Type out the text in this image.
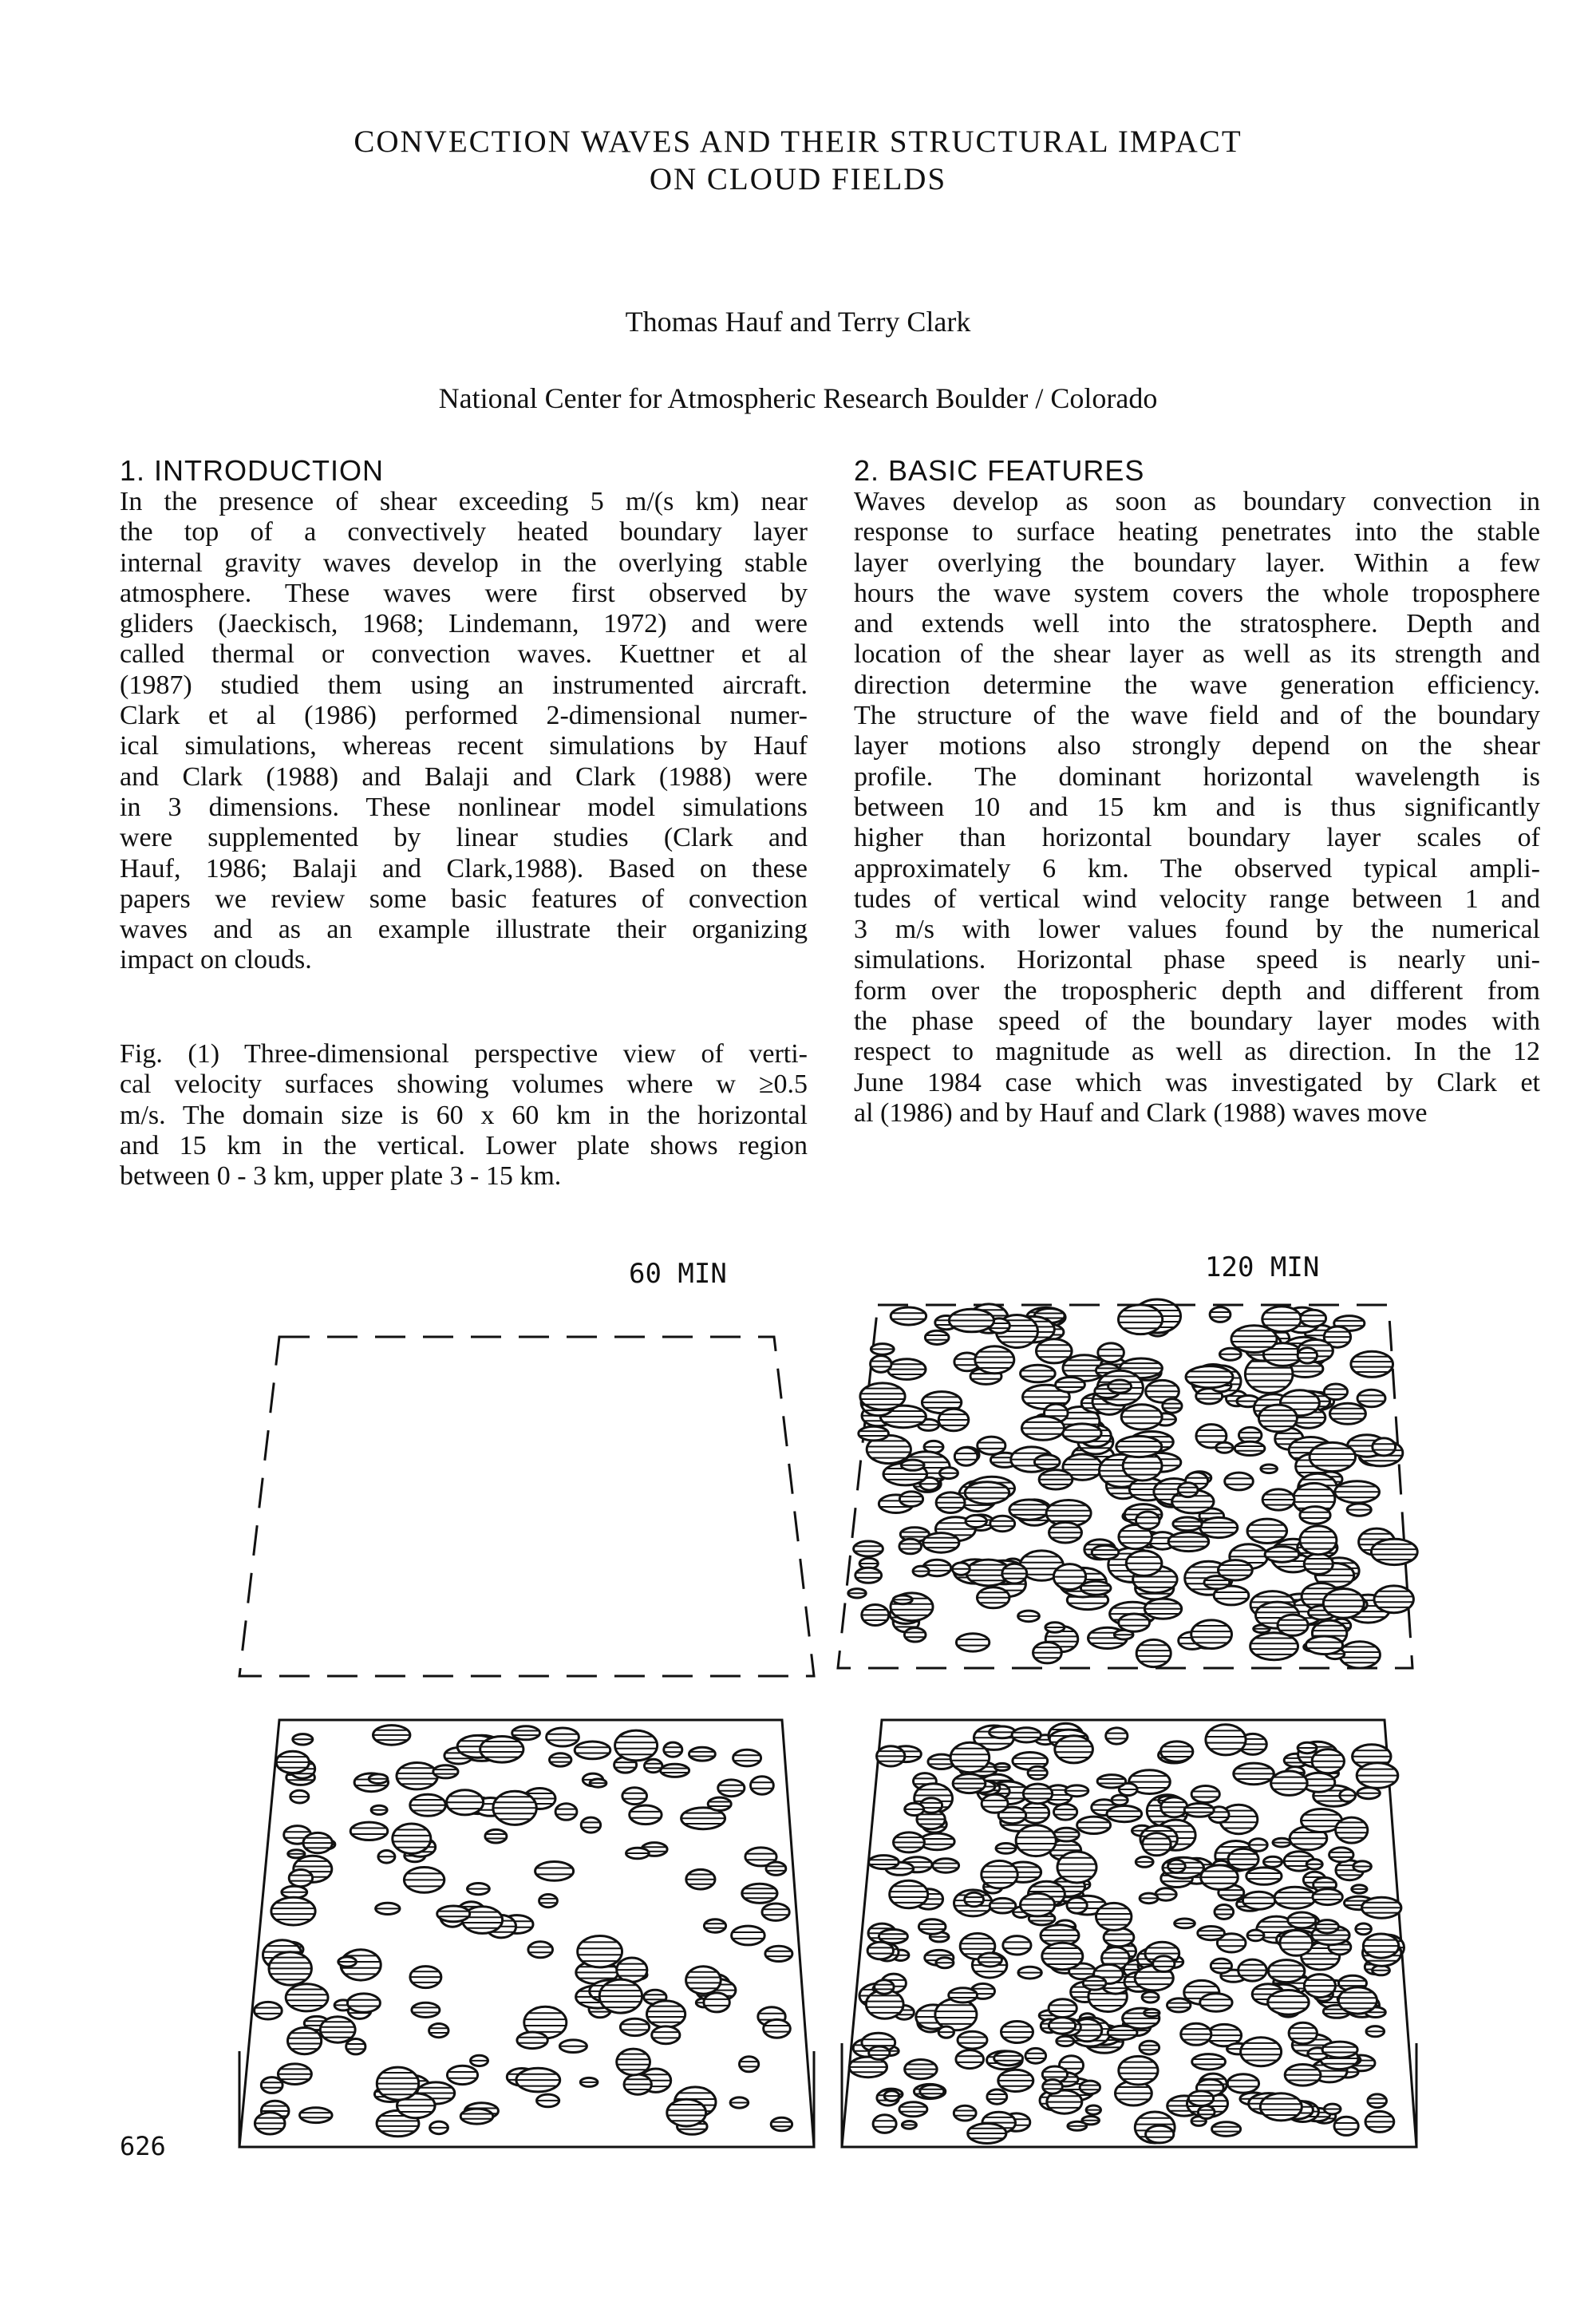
CONVECTION WAVES AND THEIR STRUCTURAL IMPACT
ON CLOUD FIELDS
Thomas Hauf and Terry Clark
National Center for Atmospheric Research Boulder / Colorado
1. INTRODUCTION
In the presence of shear exceeding 5 m/(s km) near
the top of a convectively heated boundary layer
internal gravity waves develop in the overlying stable
atmosphere. These waves were first observed by
gliders (Jaeckisch, 1968; Lindemann, 1972) and were
called thermal or convection waves. Kuettner et al
(1987) studied them using an instrumented aircraft.
Clark et al (1986) performed 2-dimensional numer-
ical simulations, whereas recent simulations by Hauf
and Clark (1988) and Balaji and Clark (1988) were
in 3 dimensions. These nonlinear model simulations
were supplemented by linear studies (Clark and
Hauf, 1986; Balaji and Clark,1988). Based on these
papers we review some basic features of convection
waves and as an example illustrate their organizing
impact on clouds.
Fig. (1) Three-dimensional perspective view of verti-
cal velocity surfaces showing volumes where w ≥0.5
m/s. The domain size is 60 x 60 km in the horizontal
and 15 km in the vertical. Lower plate shows region
between 0 - 3 km, upper plate 3 - 15 km.
2. BASIC FEATURES
Waves develop as soon as boundary convection in
response to surface heating penetrates into the stable
layer overlying the boundary layer. Within a few
hours the wave system covers the whole troposphere
and extends well into the stratosphere. Depth and
location of the shear layer as well as its strength and
direction determine the wave generation efficiency.
The structure of the wave field and of the boundary
layer motions also strongly depend on the shear
profile. The dominant horizontal wavelength is
between 10 and 15 km and is thus significantly
higher than horizontal boundary layer scales of
approximately 6 km. The observed typical ampli-
tudes of vertical wind velocity range between 1 and
3 m/s with lower values found by the numerical
simulations. Horizontal phase speed is nearly uni-
form over the tropospheric depth and different from
the phase speed of the boundary layer modes with
respect to magnitude as well as direction. In the 12
June 1984 case which was investigated by Clark et
al (1986) and by Hauf and Clark (1988) waves move
60 MIN	120 MIN
626
